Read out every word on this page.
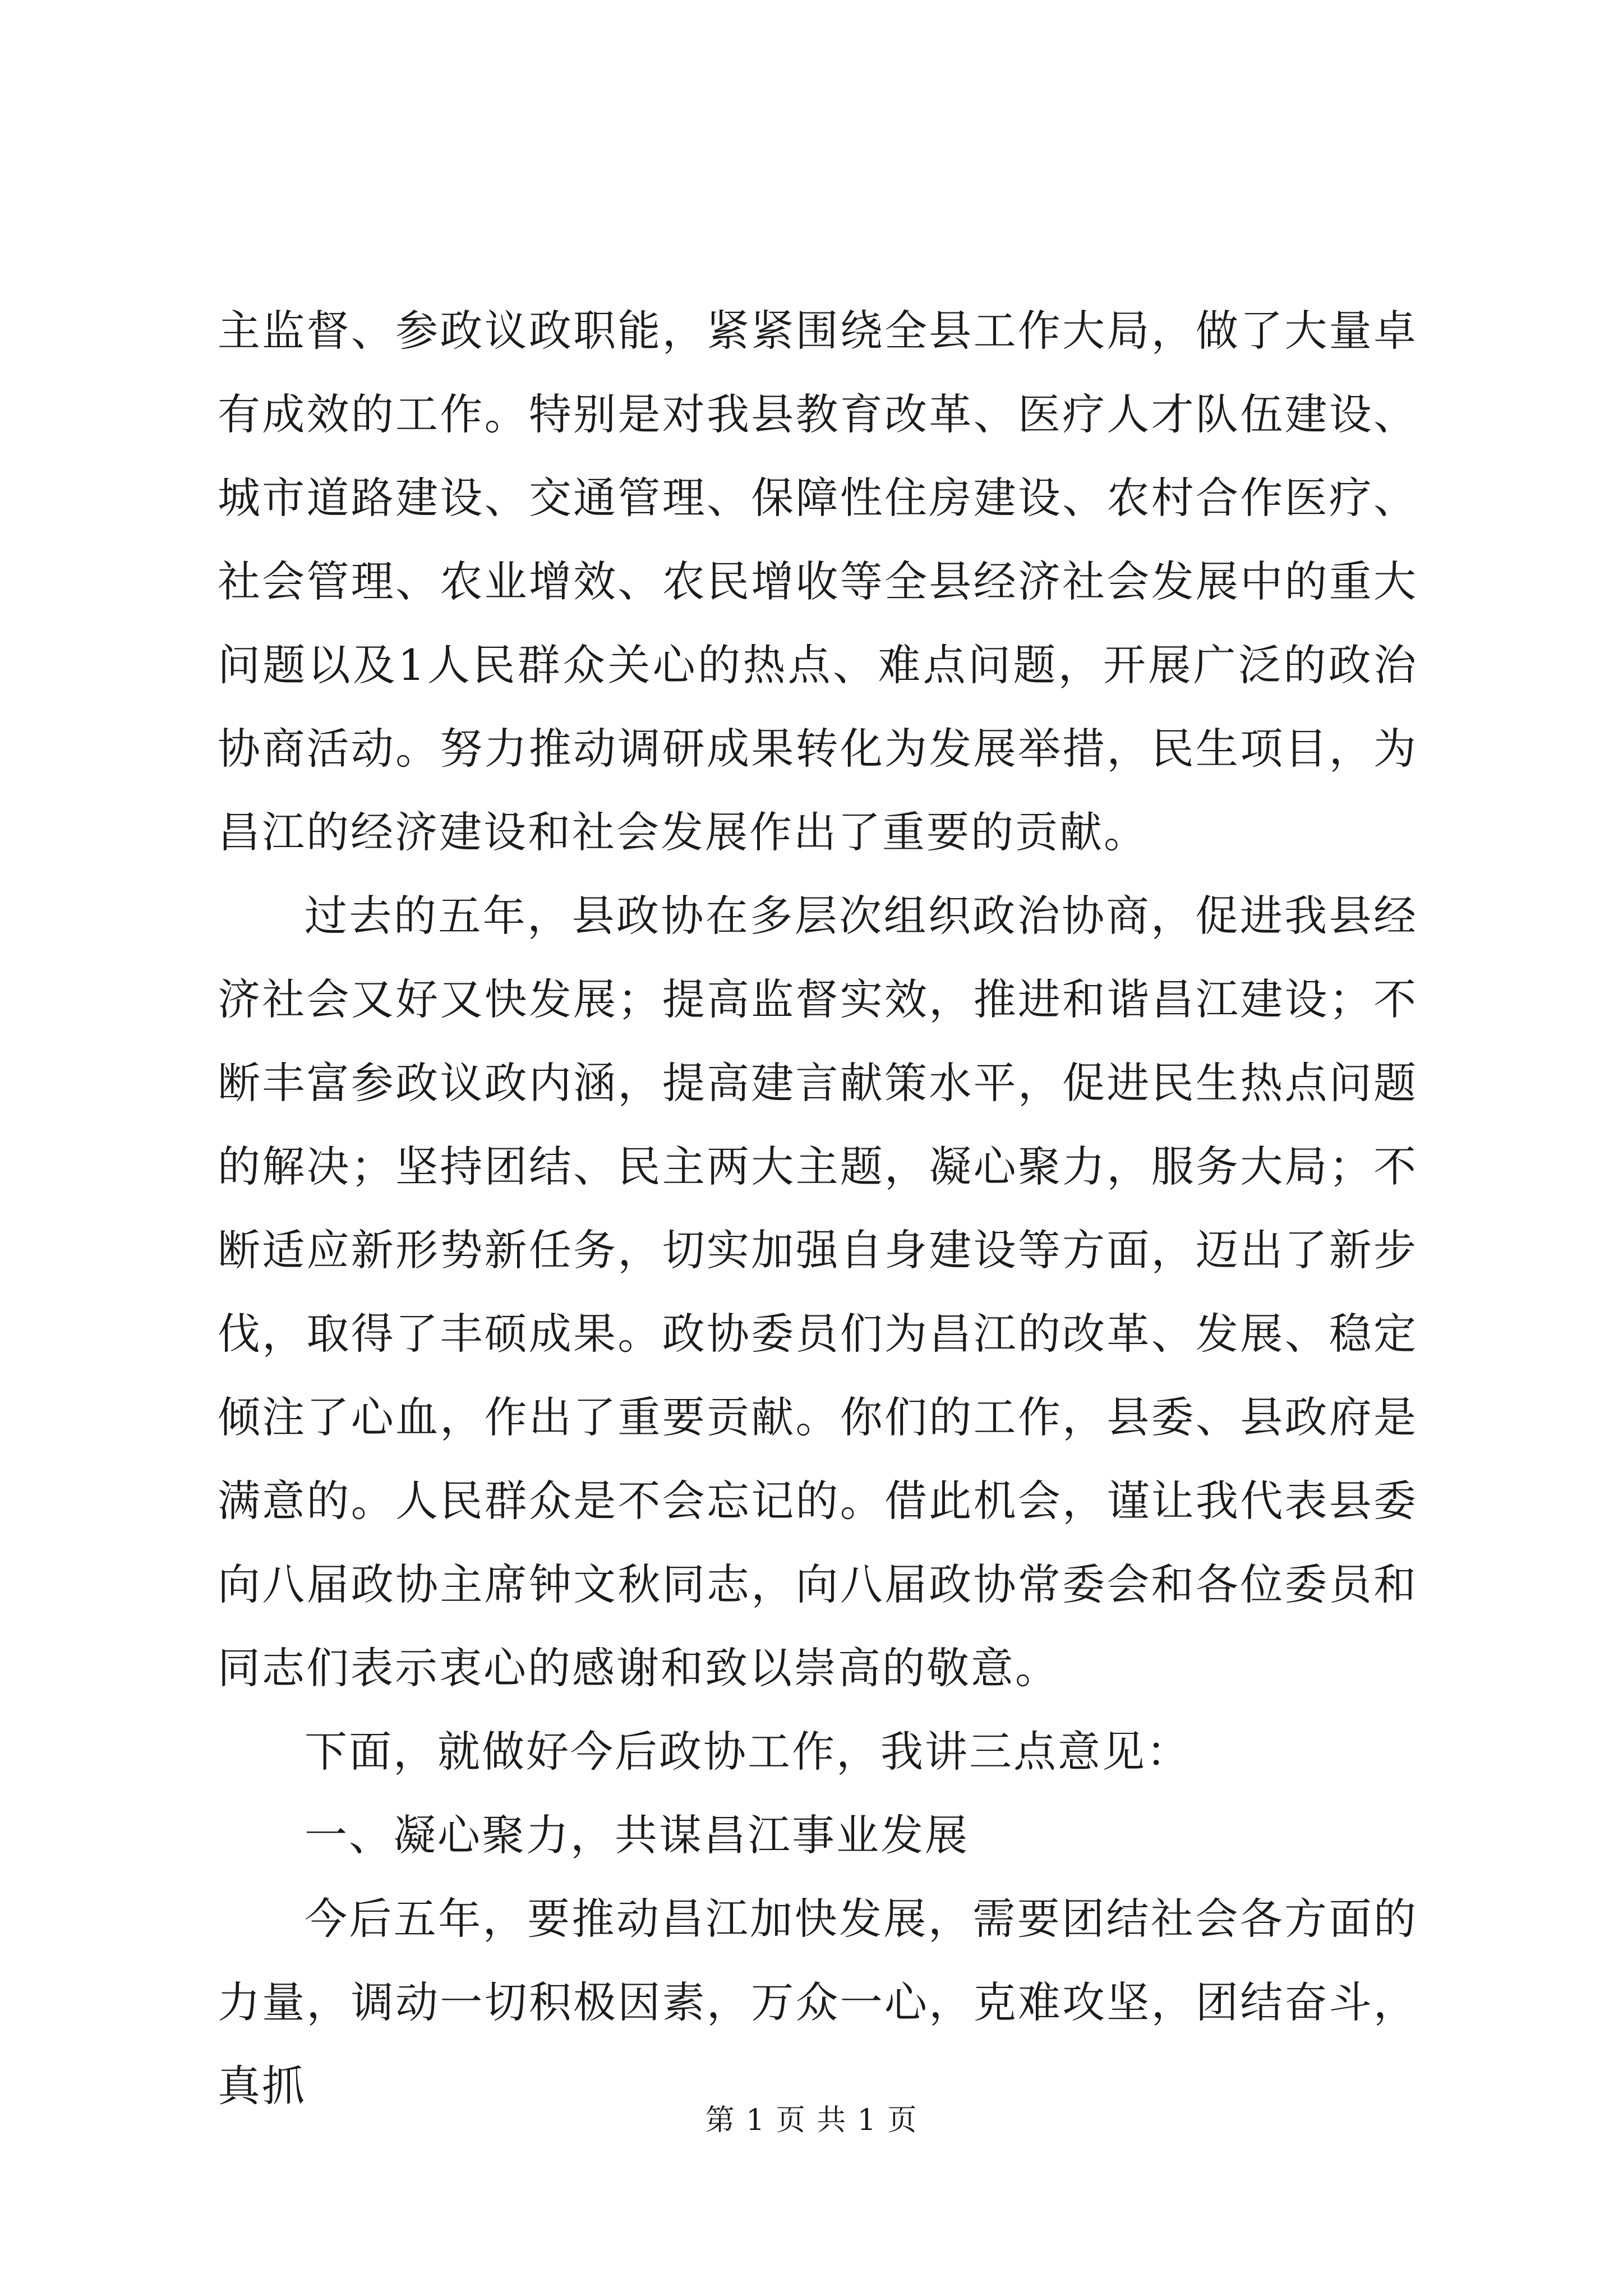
主监督、参政议政职能，紧紧围绕全县工作大局，做了大量卓有成效的工作。特别是对我县教育改革、医疗人才队伍建设、城市道路建设、交通管理、保障性住房建设、农村合作医疗、社会管理、农业增效、农民增收等全县经济社会发展中的重大问题以及1人民群众关心的热点、难点问题，开展广泛的政治协商活动。努力推动调研成果转化为发展举措，民生项目，为昌江的经济建设和社会发展作出了重要的贡献。

过去的五年，县政协在多层次组织政治协商，促进我县经济社会又好又快发展；提高监督实效，推进和谐昌江建设；不断丰富参政议政内涵，提高建言献策水平，促进民生热点问题的解决；坚持团结、民主两大主题，凝心聚力，服务大局；不断适应新形势新任务，切实加强自身建设等方面，迈出了新步伐，取得了丰硕成果。政协委员们为昌江的改革、发展、稳定倾注了心血，作出了重要贡献。你们的工作，县委、县政府是满意的。人民群众是不会忘记的。借此机会，谨让我代表县委向八届政协主席钟文秋同志，向八届政协常委会和各位委员和同志们表示衷心的感谢和致以崇高的敬意。

下面，就做好今后政协工作，我讲三点意见：

一、凝心聚力，共谋昌江事业发展

今后五年，要推动昌江加快发展，需要团结社会各方面的力量，调动一切积极因素，万众一心，克难攻坚，团结奋斗，真抓

第 1 页 共 1 页
